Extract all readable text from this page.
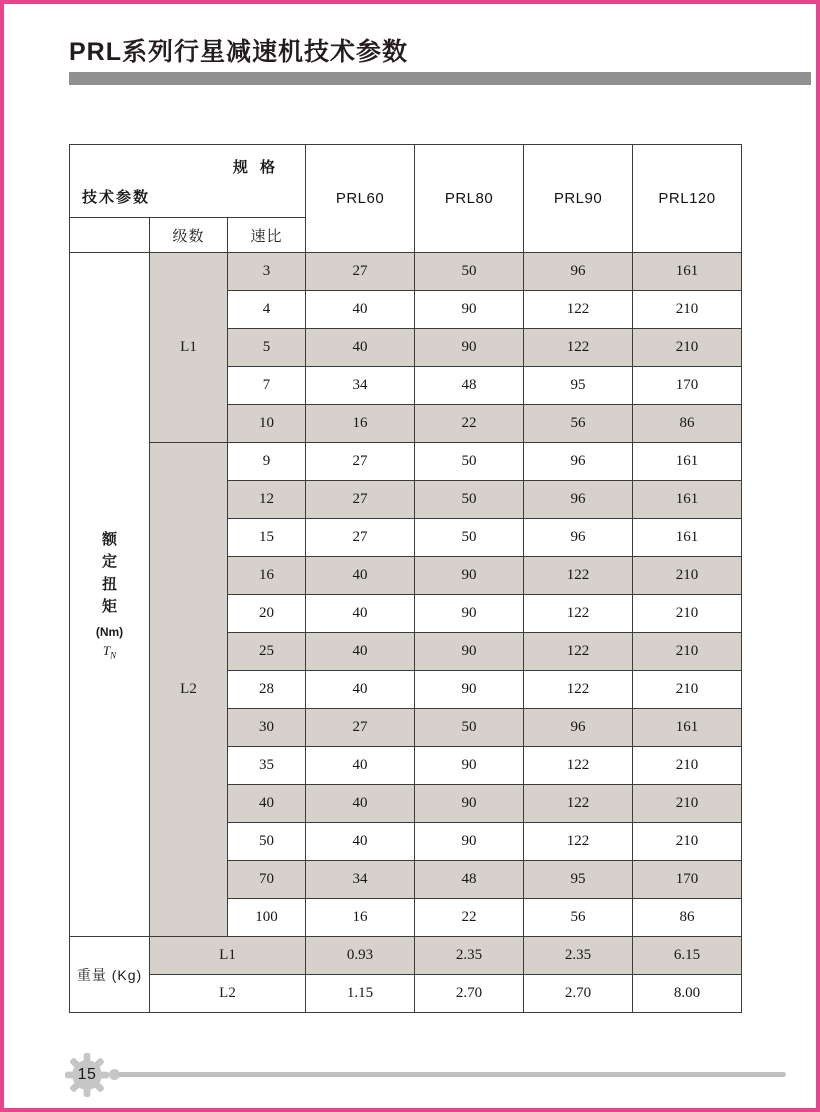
PRL系列行星减速机技术参数
规 格
技术参数			PRL60	PRL80	PRL90	PRL120
	级数	速比				

额定扭矩
(Nm)
$T_N$	L1	3	27	50	96	161
		4	40	90	122	210
		5	40	90	122	210
		7	34	48	95	170
		10	16	22	56	86
	L2	9	27	50	96	161
		12	27	50	96	161
		15	27	50	96	161
		16	40	90	122	210
		20	40	90	122	210
		25	40	90	122	210
		28	40	90	122	210
		30	27	50	96	161
		35	40	90	122	210
		40	40	90	122	210
		50	40	90	122	210
		70	34	48	95	170
		100	16	22	56	86
重量 (Kg)	L1		0.93	2.35	2.35	6.15
	L2		1.15	2.70	2.70	8.00
15
